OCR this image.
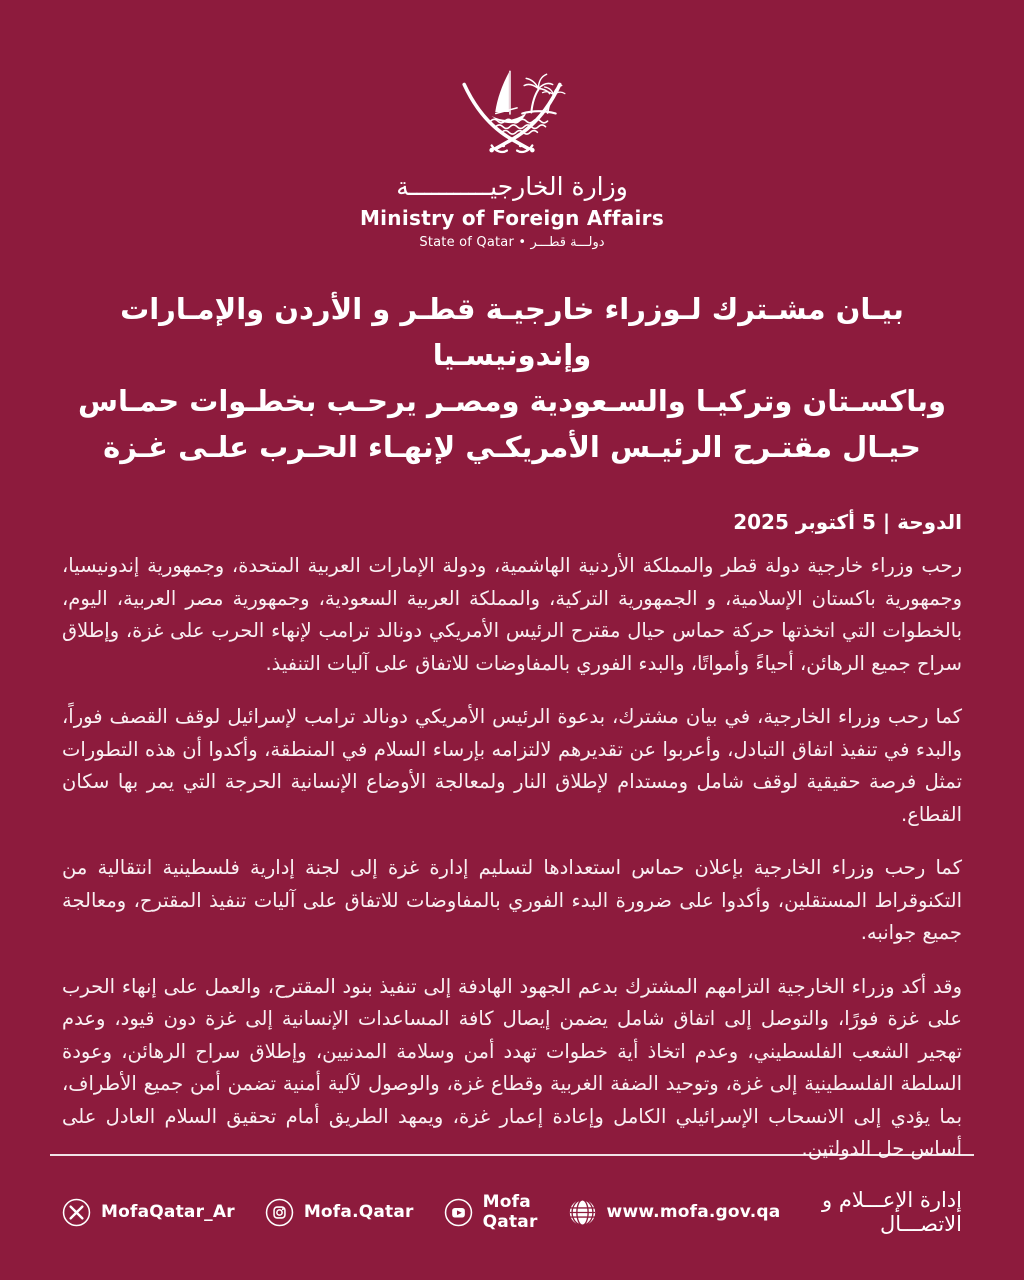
وزارة الخارجيـــــــــــة
Ministry of Foreign Affairs
State of Qatar • دولـــة قطـــر
بيـان مشـترك لـوزراء خارجيـة قطـر و الأردن والإمـارات وإندونيسـيا
وباكسـتان وتركيـا والسـعودية ومصـر يرحـب بخطـوات حمـاس
حيـال مقتـرح الرئيـس الأمريكـي لإنهـاء الحـرب علـى غـزة
الدوحة | 5 أكتوبر 2025

رحب وزراء خارجية دولة قطر والمملكة الأردنية الهاشمية، ودولة الإمارات العربية المتحدة، وجمهورية إندونيسيا، وجمهورية باكستان الإسلامية، و الجمهورية التركية، والمملكة العربية السعودية، وجمهورية مصر العربية، اليوم، بالخطوات التي اتخذتها حركة حماس حيال مقترح الرئيس الأمريكي دونالد ترامب لإنهاء الحرب على غزة، وإطلاق سراح جميع الرهائن، أحياءً وأمواتًا، والبدء الفوري بالمفاوضات للاتفاق على آليات التنفيذ.

كما رحب وزراء الخارجية، في بيان مشترك، بدعوة الرئيس الأمريكي دونالد ترامب لإسرائيل لوقف القصف فوراً، والبدء في تنفيذ اتفاق التبادل، وأعربوا عن تقديرهم لالتزامه بإرساء السلام في المنطقة، وأكدوا أن هذه التطورات تمثل فرصة حقيقية لوقف شامل ومستدام لإطلاق النار ولمعالجة الأوضاع الإنسانية الحرجة التي يمر بها سكان القطاع.

كما رحب وزراء الخارجية بإعلان حماس استعدادها لتسليم إدارة غزة إلى لجنة إدارية فلسطينية انتقالية من التكنوقراط المستقلين، وأكدوا على ضرورة البدء الفوري بالمفاوضات للاتفاق على آليات تنفيذ المقترح، ومعالجة جميع جوانبه.

وقد أكد وزراء الخارجية التزامهم المشترك بدعم الجهود الهادفة إلى تنفيذ بنود المقترح، والعمل على إنهاء الحرب على غزة فورًا، والتوصل إلى اتفاق شامل يضمن إيصال كافة المساعدات الإنسانية إلى غزة دون قيود، وعدم تهجير الشعب الفلسطيني، وعدم اتخاذ أية خطوات تهدد أمن وسلامة المدنيين، وإطلاق سراح الرهائن، وعودة السلطة الفلسطينية إلى غزة، وتوحيد الضفة الغربية وقطاع غزة، والوصول لآلية أمنية تضمن أمن جميع الأطراف، بما يؤدي إلى الانسحاب الإسرائيلي الكامل وإعادة إعمار غزة، ويمهد الطريق أمام تحقيق السلام العادل على أساس حل الدولتين.

MofaQatar_Ar	Mofa.Qatar	Mofa Qatar	www.mofa.gov.qa	إدارة الإعـــلام و الاتصـــال
